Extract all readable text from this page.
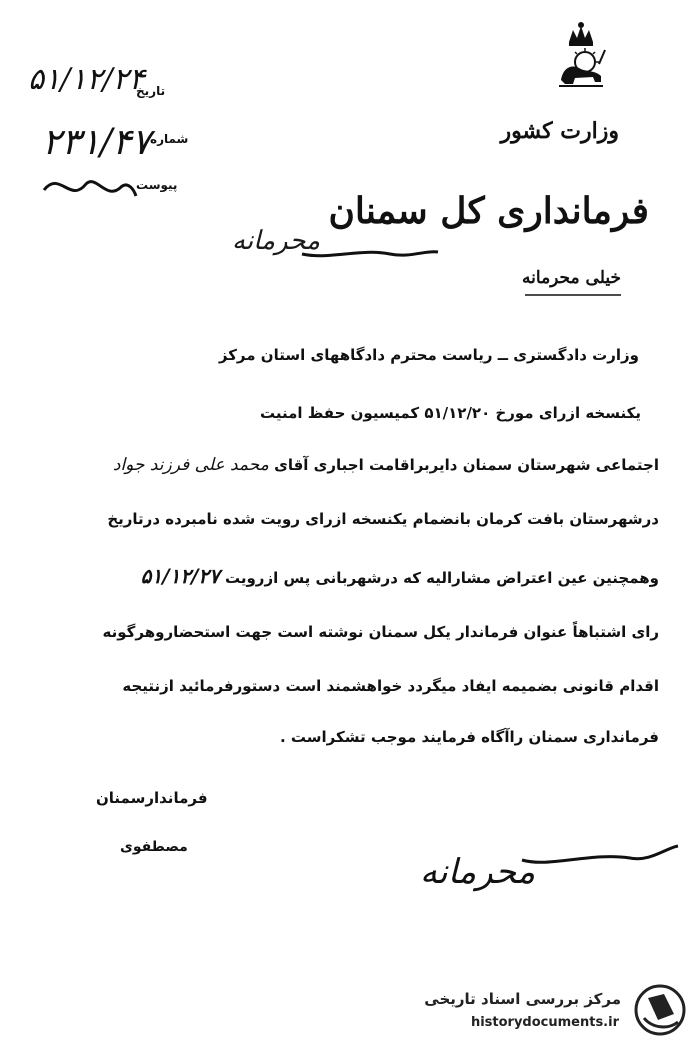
وزارت کشور
فرمانداری کل سمنان
خیلی محرمانه
تاریخ
شماره
پیوست
۵۱/۱۲/۲۴
۲۳۱/۴۷
محرمانه
وزارت دادگستری ــ ریاست محترم دادگاههای استان مرکز
یکنسخه ازرای مورخ ۵۱/۱۲/۲۰ کمیسیون حفظ امنیت
اجتماعی شهرستان سمنان دایربراقامت اجباری آقای محمد علی فرزند جواد
درشهرستان بافت کرمان بانضمام یکنسخه ازرای رویت شده نامبرده درتاریخ
وهمچنین عین اعتراض مشارالیه که درشهربانی پس ازرویت ۵۱/۱۲/۲۷
رای اشتباهاً عنوان فرماندار یکل سمنان نوشته است جهت استحضاروهرگونه
اقدام قانونی بضمیمه ایفاد میگردد خواهشمند است دستورفرمائید ازنتیجه
فرمانداری سمنان راآگاه فرمایند موجب تشکراست .
فرماندارسمنان
مصطفوی
محرمانه
مرکز بررسی اسناد تاریخی
historydocuments.ir
